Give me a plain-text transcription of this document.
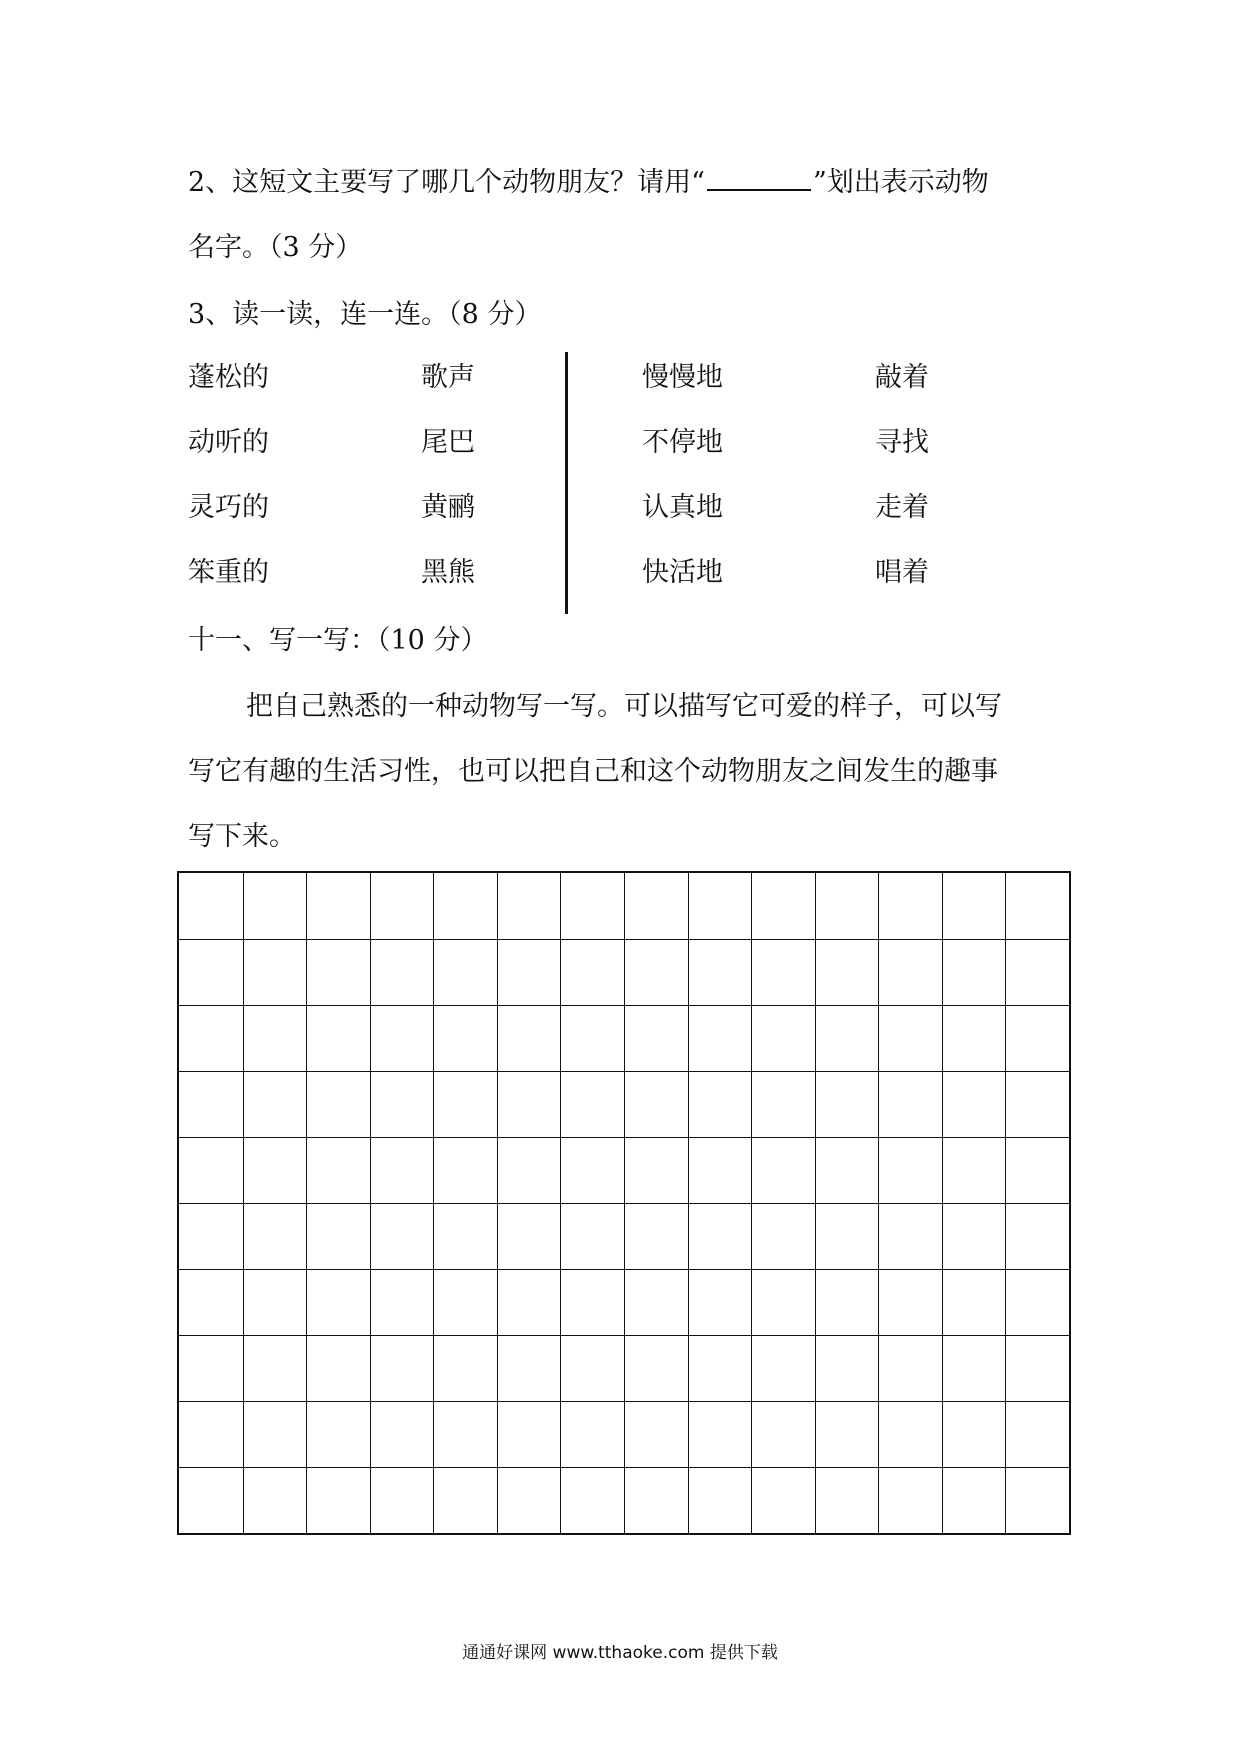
2、这短文主要写了哪几个动物朋友？请用“	”划出表示动物
名字。（3 分）
3、读一读，连一连。（8 分）
蓬松的
动听的
灵巧的
笨重的
歌声
尾巴
黄鹂
黑熊
慢慢地
不停地
认真地
快活地
敲着
寻找
走着
唱着
十一、写一写：（10 分）
把自己熟悉的一种动物写一写。可以描写它可爱的样子，可以写
写它有趣的生活习性，也可以把自己和这个动物朋友之间发生的趣事
写下来。
通通好课网 www.tthaoke.com 提供下载
